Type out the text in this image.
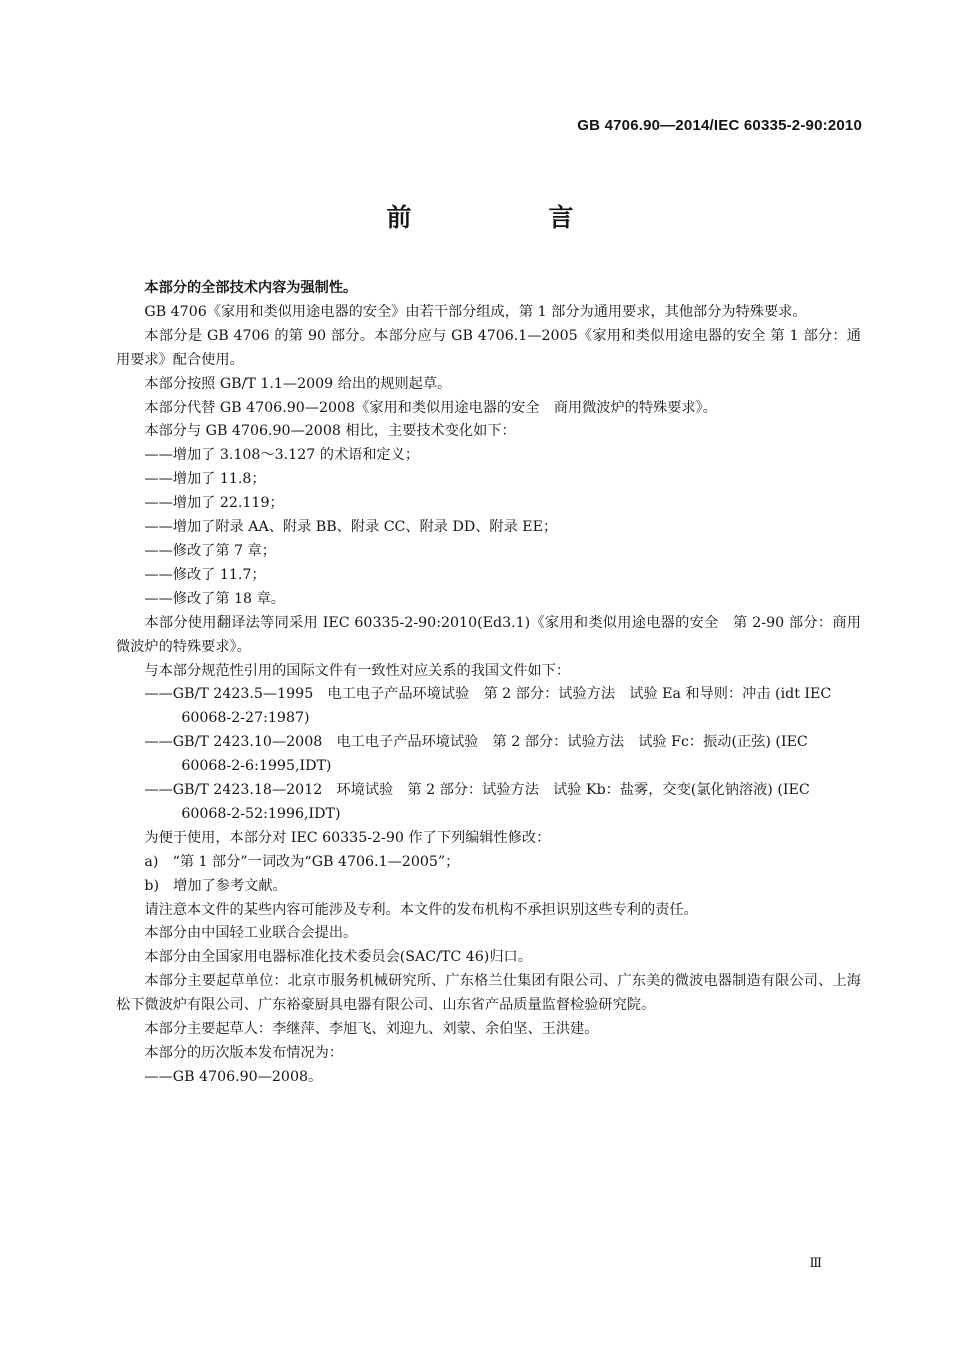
GB 4706.90—2014/IEC 60335-2-90:2010
前　言

本部分的全部技术内容为强制性。

GB 4706《家用和类似用途电器的安全》由若干部分组成，第 1 部分为通用要求，其他部分为特殊要求。

本部分是 GB 4706 的第 90 部分。本部分应与 GB 4706.1—2005《家用和类似用途电器的安全 第 1 部分：通用要求》配合使用。

本部分按照 GB/T 1.1—2009 给出的规则起草。

本部分代替 GB 4706.90—2008《家用和类似用途电器的安全　商用微波炉的特殊要求》。

本部分与 GB 4706.90—2008 相比，主要技术变化如下：

——增加了 3.108～3.127 的术语和定义；
——增加了 11.8；
——增加了 22.119；
——增加了附录 AA、附录 BB、附录 CC、附录 DD、附录 EE；
——修改了第 7 章；
——修改了 11.7；
——修改了第 18 章。

本部分使用翻译法等同采用 IEC 60335-2-90:2010(Ed3.1)《家用和类似用途电器的安全　第 2-90 部分：商用微波炉的特殊要求》。

与本部分规范性引用的国际文件有一致性对应关系的我国文件如下：

——GB/T 2423.5—1995　电工电子产品环境试验　第 2 部分：试验方法　试验 Ea 和导则：冲击 (idt IEC 60068-2-27:1987)
——GB/T 2423.10—2008　电工电子产品环境试验　第 2 部分：试验方法　试验 Fc：振动(正弦) (IEC 60068-2-6:1995,IDT)
——GB/T 2423.18—2012　环境试验　第 2 部分：试验方法　试验 Kb：盐雾，交变(氯化钠溶液) (IEC 60068-2-52:1996,IDT)

为便于使用，本部分对 IEC 60335-2-90 作了下列编辑性修改：

a)　“第 1 部分”一词改为“GB 4706.1—2005”；
b)　增加了参考文献。

请注意本文件的某些内容可能涉及专利。本文件的发布机构不承担识别这些专利的责任。

本部分由中国轻工业联合会提出。

本部分由全国家用电器标准化技术委员会(SAC/TC 46)归口。

本部分主要起草单位：北京市服务机械研究所、广东格兰仕集团有限公司、广东美的微波电器制造有限公司、上海松下微波炉有限公司、广东裕豪厨具电器有限公司、山东省产品质量监督检验研究院。

本部分主要起草人：李继萍、李旭飞、刘迎九、刘蒙、余伯坚、王洪建。

本部分的历次版本发布情况为：

——GB 4706.90—2008。
Ⅲ
